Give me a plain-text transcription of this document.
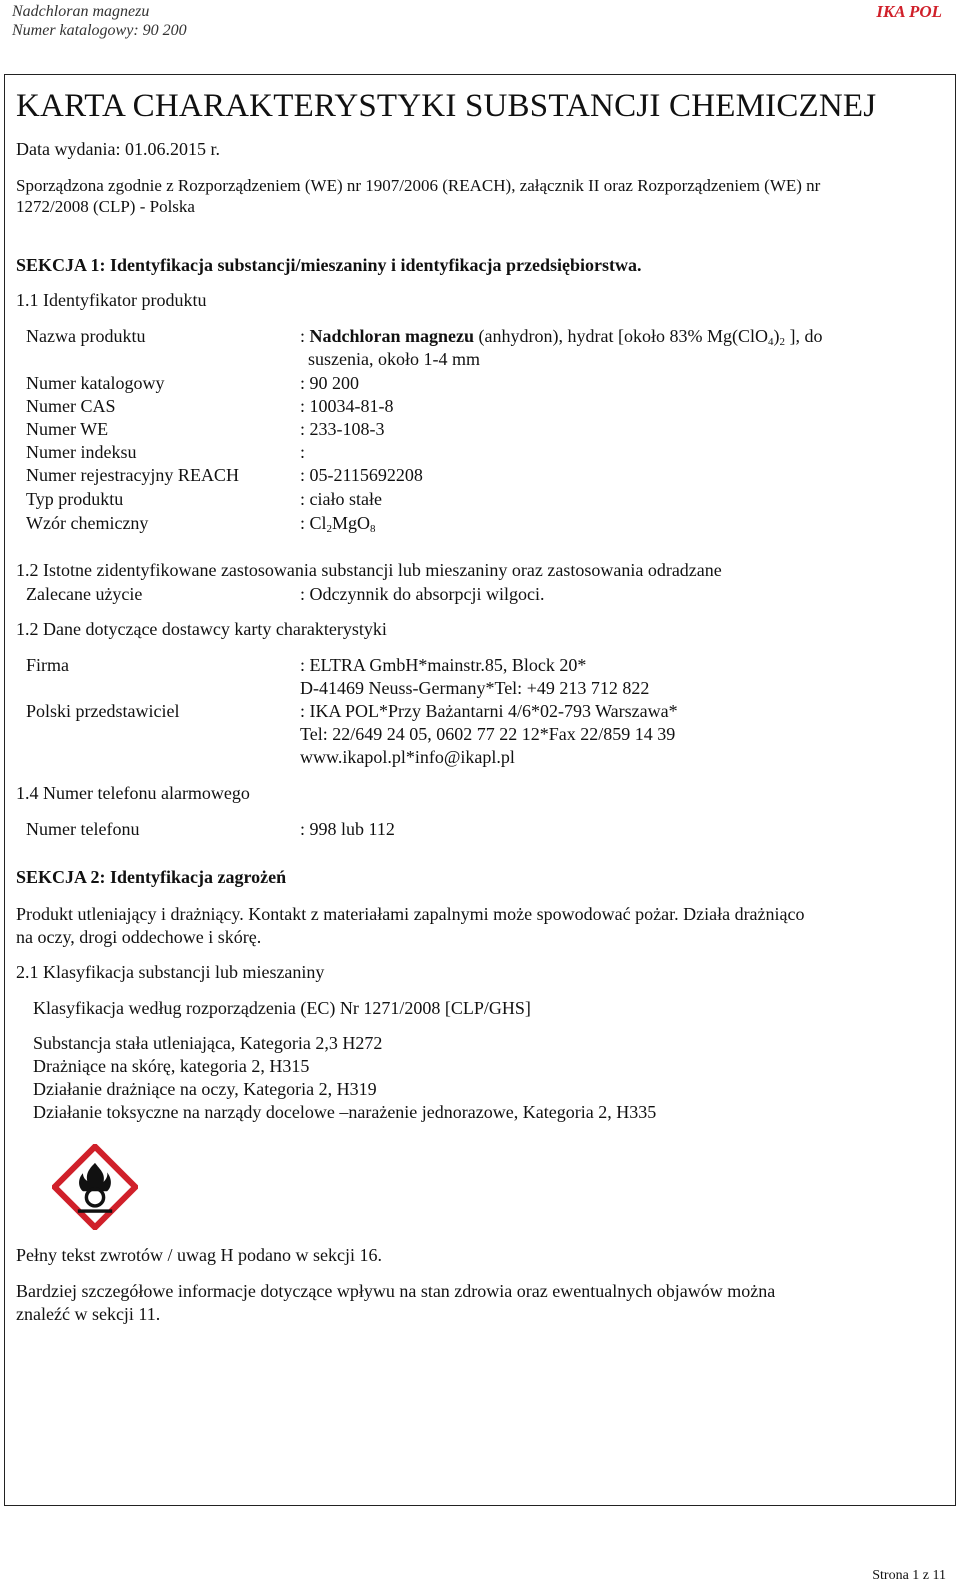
Nadchloran magnezu
Numer katalogowy: 90 200
IKA POL
KARTA CHARAKTERYSTYKI SUBSTANCJI CHEMICZNEJ
Data wydania: 01.06.2015 r.
Sporządzona zgodnie z Rozporządzeniem (WE) nr 1907/2006 (REACH), załącznik II oraz Rozporządzeniem (WE) nr
1272/2008 (CLP) - Polska
SEKCJA 1: Identyfikacja substancji/mieszaniny i identyfikacja przedsiębiorstwa.
1.1 Identyfikator produktu
Nazwa produktu	: Nadchloran magnezu (anhydron), hydrat [około 83% $Mg(ClO_4)_2$ ], do
suszenia, około 1-4 mm
Numer katalogowy	: 90 200
Numer CAS	: 10034-81-8
Numer WE	: 233-108-3
Numer indeksu	:
Numer rejestracyjny REACH	: 05-2115692208
Typ produktu	: ciało stałe
Wzór chemiczny	: $Cl_2MgO_8$
1.2 Istotne zidentyfikowane zastosowania substancji lub mieszaniny oraz zastosowania odradzane
Zalecane użycie	: Odczynnik do absorpcji wilgoci.
1.2 Dane dotyczące dostawcy karty charakterystyki
Firma	: ELTRA GmbH*mainstr.85, Block 20*
D-41469 Neuss-Germany*Tel: +49 213 712 822
Polski przedstawiciel	: IKA POL*Przy Bażantarni 4/6*02-793 Warszawa*
Tel: 22/649 24 05, 0602 77 22 12*Fax 22/859 14 39
www.ikapol.pl*info@ikapl.pl
1.4 Numer telefonu alarmowego
Numer telefonu	: 998 lub 112
SEKCJA 2: Identyfikacja zagrożeń
Produkt utleniający i drażniący. Kontakt z materiałami zapalnymi może spowodować pożar. Działa drażniąco
na oczy, drogi oddechowe i skórę.
2.1 Klasyfikacja substancji lub mieszaniny
Klasyfikacja według rozporządzenia (EC) Nr 1271/2008 [CLP/GHS]
Substancja stała utleniająca, Kategoria 2,3 H272
Drażniące na skórę, kategoria 2, H315
Działanie drażniące na oczy, Kategoria 2, H319
Działanie toksyczne na narządy docelowe –narażenie jednorazowe, Kategoria 2, H335
Pełny tekst zwrotów / uwag H podano w sekcji 16.
Bardziej szczegółowe informacje dotyczące wpływu na stan zdrowia oraz ewentualnych objawów można
znaleźć w sekcji 11.
Strona 1 z 11
